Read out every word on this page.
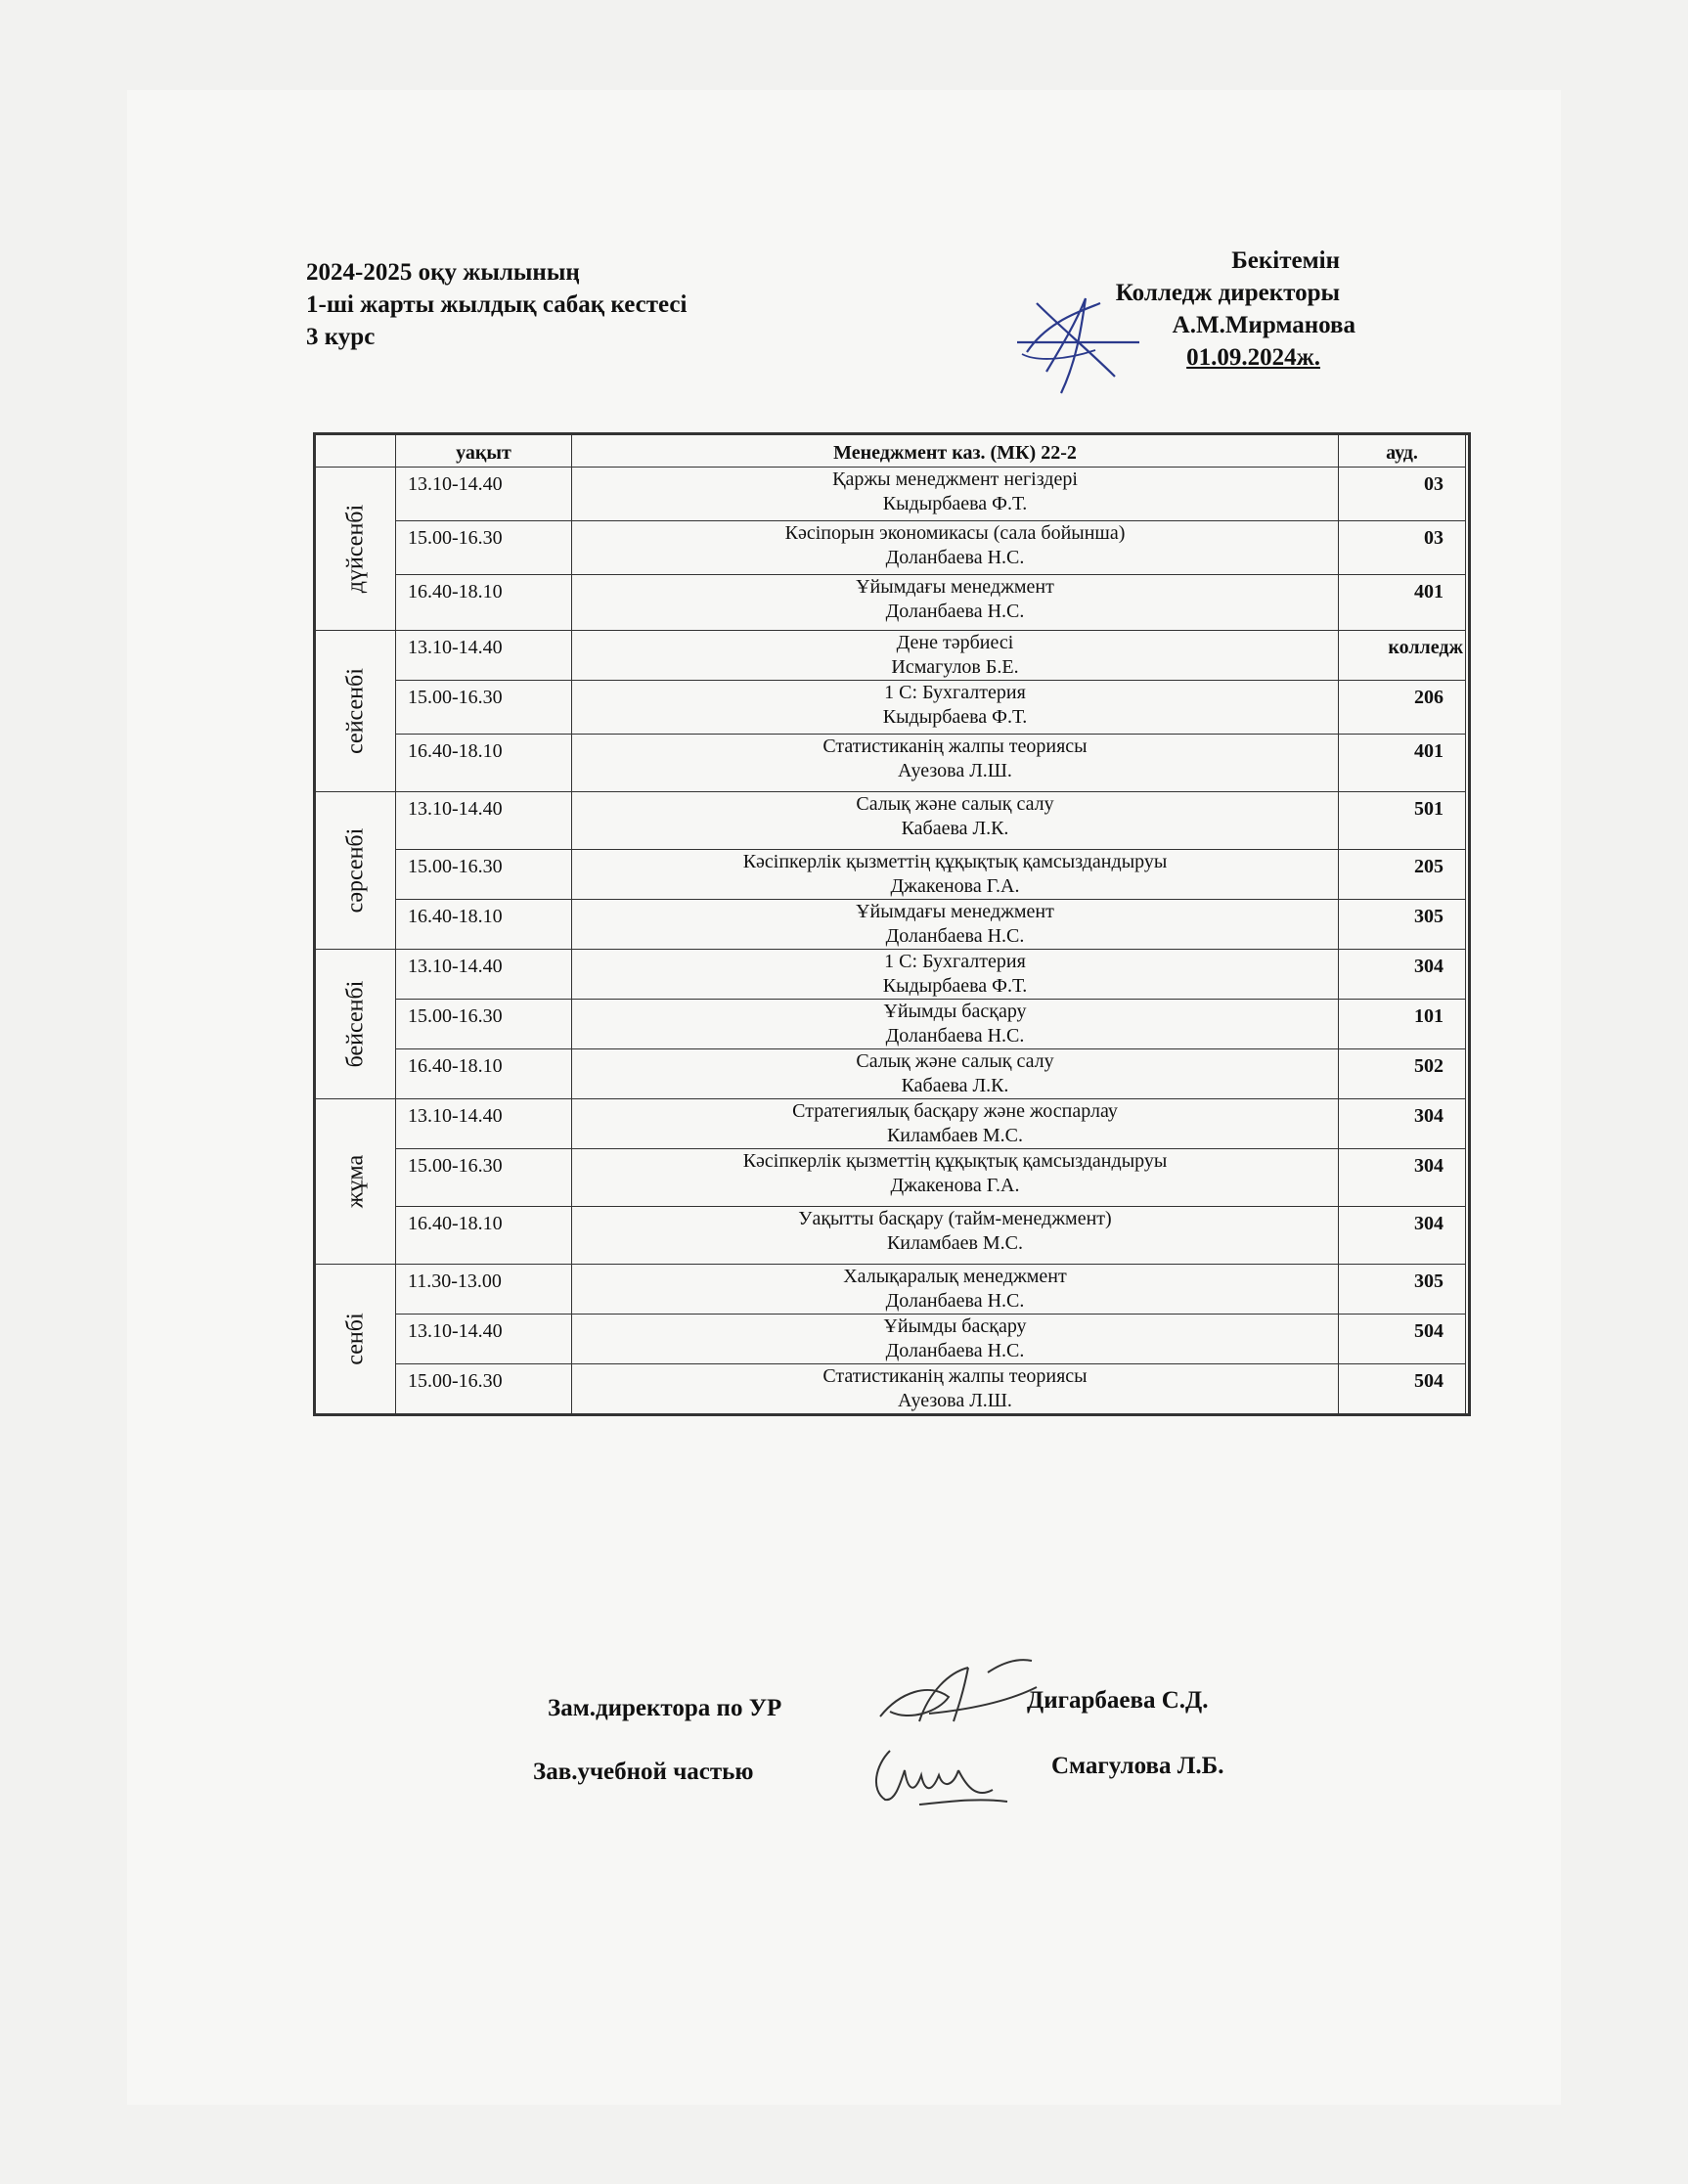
2024-2025 оқу жылының
1-ші жарты жылдық сабақ кестесі
3 курс
Бекітемін
Колледж директоры
А.М.Мирманова
01.09.2024ж.
	уақыт	Менеджмент каз. (МК) 22-2	ауд.

дүйсенбі	13.10-14.40	Қаржы менеджмент негіздері
Кыдырбаева Ф.Т.	03
	15.00-16.30	Кәсіпорын экономикасы (сала бойынша)
Доланбаева Н.С.	03
	16.40-18.10	Ұйымдағы менеджмент
Доланбаева Н.С.	401

сейсенбі	13.10-14.40	Дене тәрбиесі
Исмагулов Б.Е.	колледж
	15.00-16.30	1 С: Бухгалтерия
Кыдырбаева Ф.Т.	206
	16.40-18.10	Статистиканің жалпы теориясы
Ауезова Л.Ш.	401

сәрсенбі	13.10-14.40	Салық және салық салу
Кабаева Л.К.	501
	15.00-16.30	Кәсіпкерлік қызметтің құқықтық қамсыздандыруы
Джакенова Г.А.	205
	16.40-18.10	Ұйымдағы менеджмент
Доланбаева Н.С.	305

бейсенбі	13.10-14.40	1 С: Бухгалтерия
Кыдырбаева Ф.Т.	304
	15.00-16.30	Ұйымды басқару
Доланбаева Н.С.	101
	16.40-18.10	Салық және салық салу
Кабаева Л.К.	502

жұма	13.10-14.40	Стратегиялық басқару және жоспарлау
Киламбаев М.С.	304
	15.00-16.30	Кәсіпкерлік қызметтің құқықтық қамсыздандыруы
Джакенова Г.А.	304
	16.40-18.10	Уақытты басқару (тайм-менеджмент)
Киламбаев М.С.	304

сенбі	11.30-13.00	Халықаралық менеджмент
Доланбаева Н.С.	305
	13.10-14.40	Ұйымды басқару
Доланбаева Н.С.	504
	15.00-16.30	Статистиканің жалпы теориясы
Ауезова Л.Ш.	504
Зам.директора по УР	Дигарбаева С.Д.
Зав.учебной частью	Смагулова Л.Б.
